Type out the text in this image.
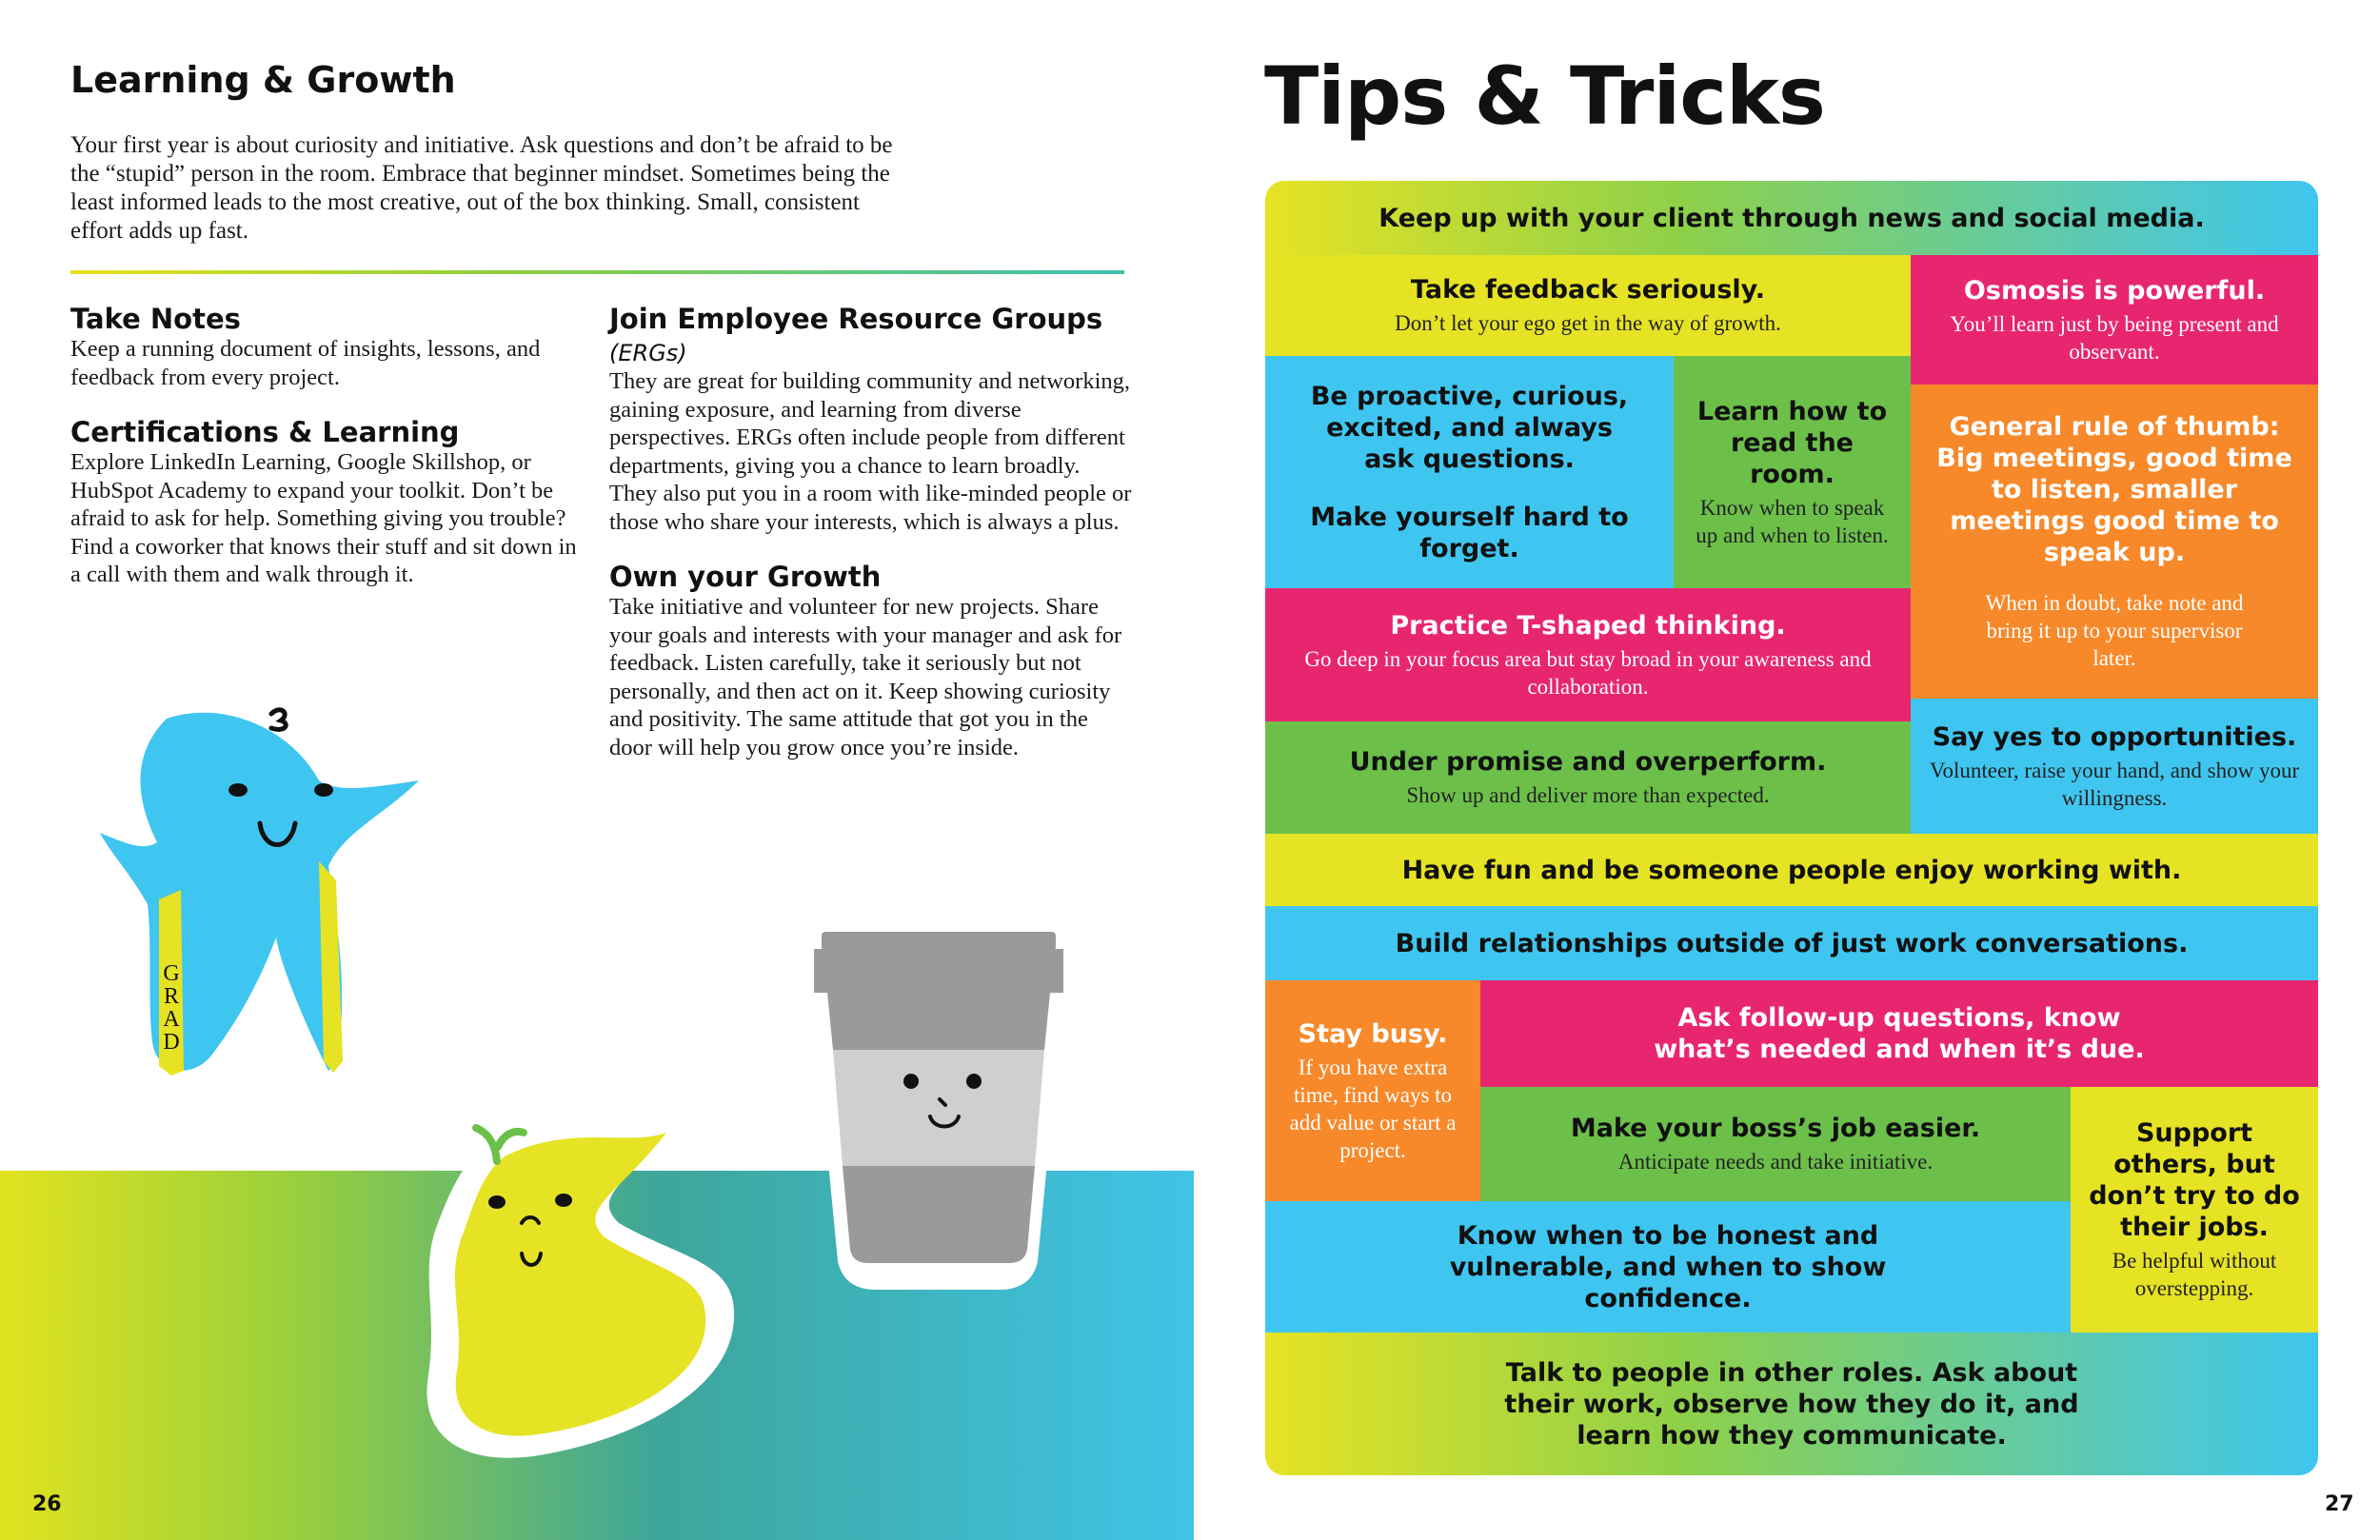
Learning & Growth
Your first year is about curiosity and initiative. Ask questions and don’t be afraid to be the “stupid” person in the room. Embrace that beginner mindset. Sometimes being the least informed leads to the most creative, out of the box thinking. Small, consistent effort adds up fast.

Take Notes

Keep a running document of insights, lessons, and feedback from every project.

Certifications & Learning

Explore LinkedIn Learning, Google Skillshop, or HubSpot Academy to expand your toolkit. Don’t be afraid to ask for help. Something giving you trouble? Find a coworker that knows their stuff and sit down in a call with them and walk through it.

Join Employee Resource Groups (ERGs)

They are great for building community and networking, gaining exposure, and learning from diverse perspectives. ERGs often include people from different departments, giving you a chance to learn broadly. They also put you in a room with like-minded people or those who share your interests, which is always a plus.

Own your Growth

Take initiative and volunteer for new projects. Share your goals and interests with your manager and ask for feedback. Listen carefully, take it seriously but not personally, and then act on it. Keep showing curiosity and positivity. The same attitude that got you in the door will help you grow once you’re inside.

G
R
A
D
26
Tips & Tricks
Keep up with your client through news and social media.
Take feedback seriously.
Don’t let your ego get in the way of growth.
Osmosis is powerful.
You’ll learn just by being present and observant.
Be proactive, curious, excited, and always ask questions.
Make yourself hard to forget.
Learn how to read the room.
Know when to speak up and when to listen.
General rule of thumb: Big meetings, good time to listen, smaller meetings good time to speak up.
When in doubt, take note and bring it up to your supervisor later.
Practice T-shaped thinking.
Go deep in your focus area but stay broad in your awareness and collaboration.
Under promise and overperform.
Show up and deliver more than expected.
Say yes to opportunities.
Volunteer, raise your hand, and show your willingness.
Have fun and be someone people enjoy working with.
Build relationships outside of just work conversations.
Stay busy.
If you have extra time, find ways to add value or start a project.
Ask follow-up questions, know what’s needed and when it’s due.
Make your boss’s job easier.
Anticipate needs and take initiative.
Support others, but don’t try to do their jobs.
Be helpful without overstepping.
Know when to be honest and vulnerable, and when to show confidence.
Talk to people in other roles. Ask about their work, observe how they do it, and learn how they communicate.
27
